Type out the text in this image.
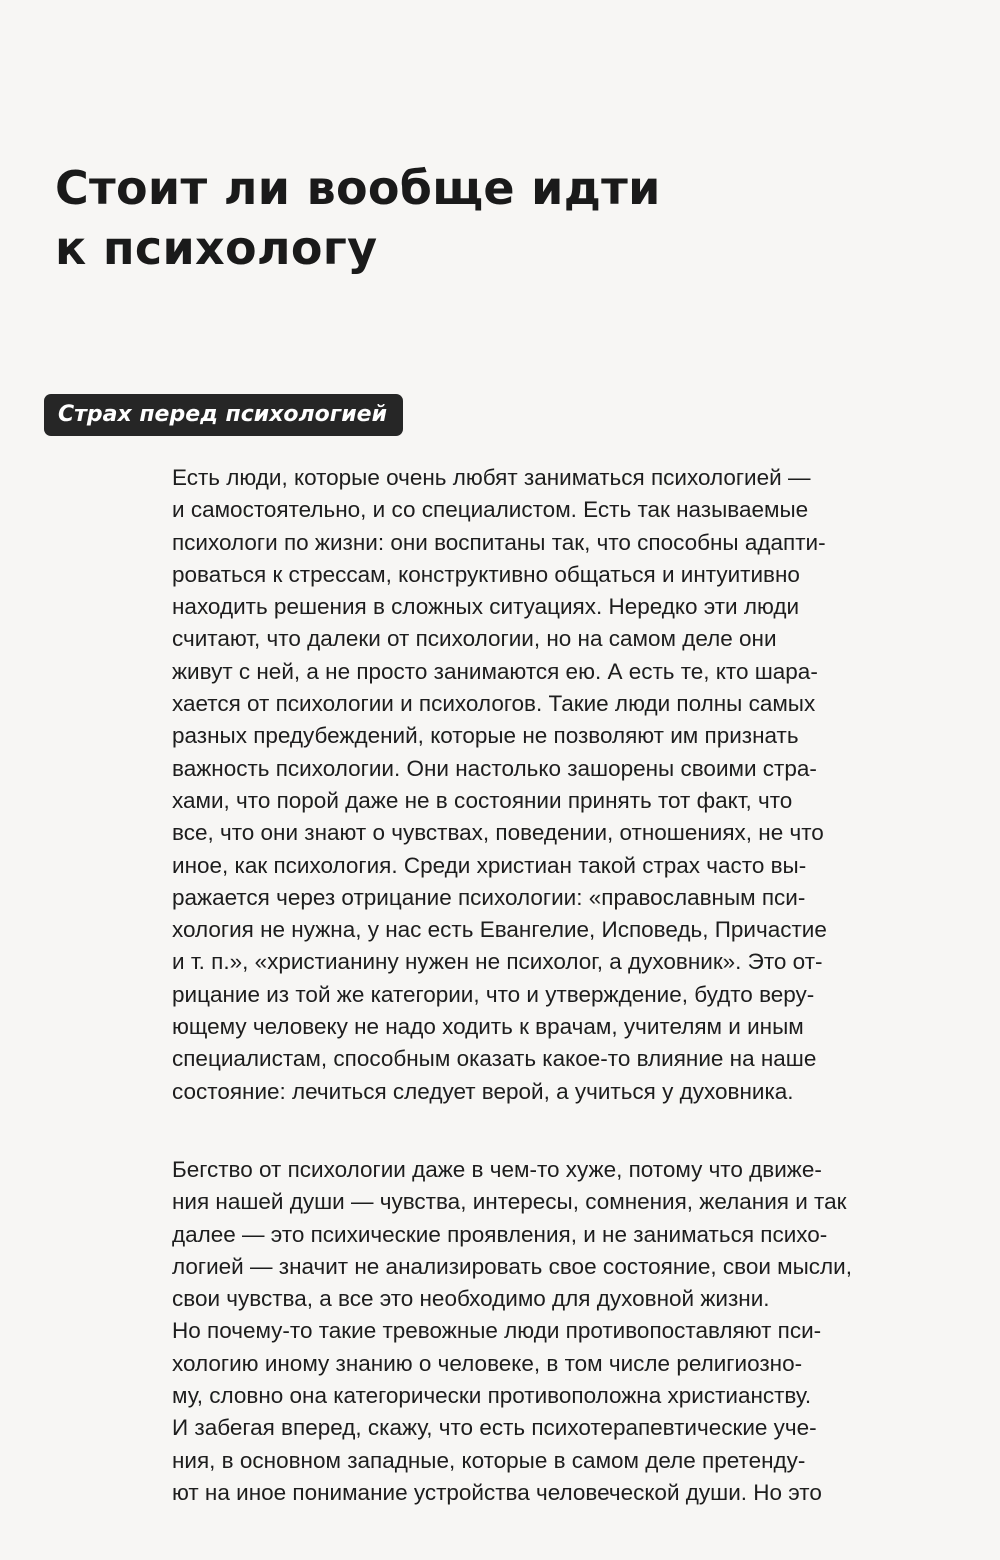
Стоит ли вообще идти
к психологу
Страх перед психологией

Есть люди, которые очень любят заниматься психологией —
и самостоятельно, и со специалистом. Есть так называемые
психологи по жизни: они воспитаны так, что способны адапти-
роваться к стрессам, конструктивно общаться и интуитивно
находить решения в сложных ситуациях. Нередко эти люди
считают, что далеки от психологии, но на самом деле они
живут с ней, а не просто занимаются ею. А есть те, кто шара-
хается от психологии и психологов. Такие люди полны самых
разных предубеждений, которые не позволяют им признать
важность психологии. Они настолько зашорены своими стра-
хами, что порой даже не в состоянии принять тот факт, что
все, что они знают о чувствах, поведении, отношениях, не что
иное, как психология. Среди христиан такой страх часто вы-
ражается через отрицание психологии: «православным пси-
хология не нужна, у нас есть Евангелие, Исповедь, Причастие
и т. п.», «христианину нужен не психолог, а духовник». Это от-
рицание из той же категории, что и утверждение, будто веру-
ющему человеку не надо ходить к врачам, учителям и иным
специалистам, способным оказать какое-то влияние на наше
состояние: лечиться следует верой, а учиться у духовника.

Бегство от психологии даже в чем-то хуже, потому что движе-
ния нашей души — чувства, интересы, сомнения, желания и так
далее — это психические проявления, и не заниматься психо-
логией — значит не анализировать свое состояние, свои мысли,
свои чувства, а все это необходимо для духовной жизни.
Но почему-то такие тревожные люди противопоставляют пси-
хологию иному знанию о человеке, в том числе религиозно-
му, словно она категорически противоположна христианству.
И забегая вперед, скажу, что есть психотерапевтические уче-
ния, в основном западные, которые в самом деле претенду-
ют на иное понимание устройства человеческой души. Но это
